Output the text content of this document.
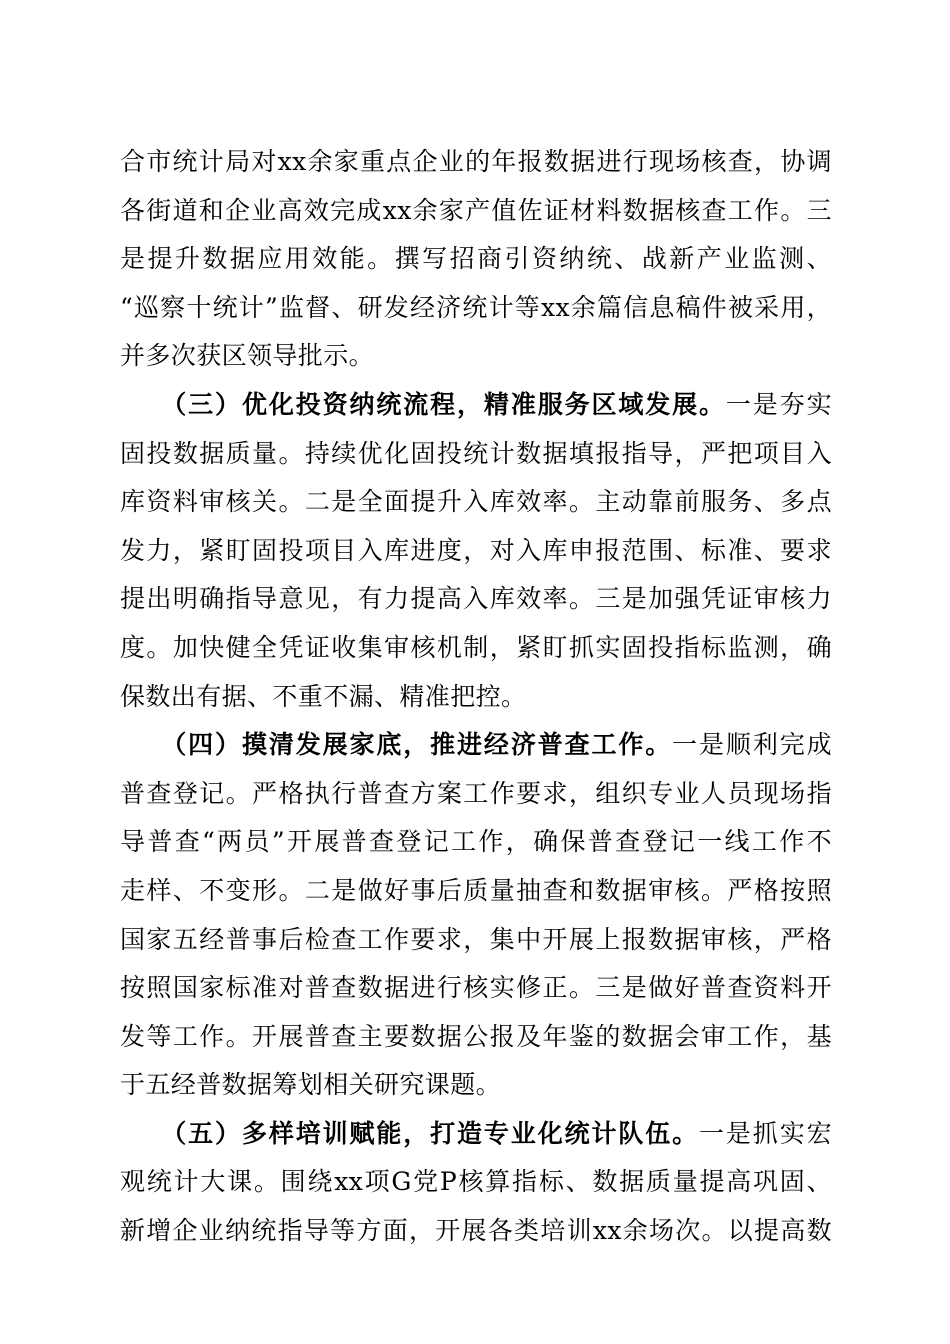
合市统计局对xx余家重点企业的年报数据进行现场核查，协调
各街道和企业高效完成xx余家产值佐证材料数据核查工作。三
是提升数据应用效能。撰写招商引资纳统、战新产业监测、
“巡察十统计”监督、研发经济统计等xx余篇信息稿件被采用，
并多次获区领导批示。
　　（三）优化投资纳统流程，精准服务区域发展。一是夯实
固投数据质量。持续优化固投统计数据填报指导，严把项目入
库资料审核关。二是全面提升入库效率。主动靠前服务、多点
发力，紧盯固投项目入库进度，对入库申报范围、标准、要求
提出明确指导意见，有力提高入库效率。三是加强凭证审核力
度。加快健全凭证收集审核机制，紧盯抓实固投指标监测，确
保数出有据、不重不漏、精准把控。
　　（四）摸清发展家底，推进经济普查工作。一是顺利完成
普查登记。严格执行普查方案工作要求，组织专业人员现场指
导普查“两员”开展普查登记工作，确保普查登记一线工作不
走样、不变形。二是做好事后质量抽查和数据审核。严格按照
国家五经普事后检查工作要求，集中开展上报数据审核，严格
按照国家标准对普查数据进行核实修正。三是做好普查资料开
发等工作。开展普查主要数据公报及年鉴的数据会审工作，基
于五经普数据筹划相关研究课题。
　　（五）多样培训赋能，打造专业化统计队伍。一是抓实宏
观统计大课。围绕xx项G党P核算指标、数据质量提高巩固、
新增企业纳统指导等方面，开展各类培训xx余场次。以提高数
